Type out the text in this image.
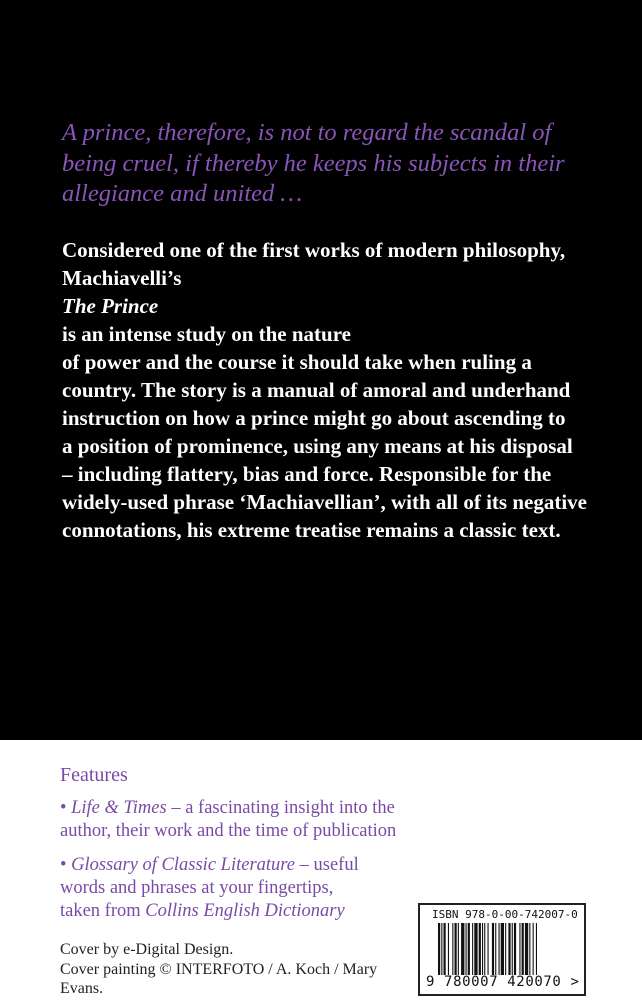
A prince, therefore, is not to regard the scandal of
being cruel, if thereby he keeps his subjects in their
allegiance and united …

Considered one of the first works of modern philosophy,
Machiavelli’s
The Prince
is an intense study on the nature
of power and the course it should take when ruling a
country. The story is a manual of amoral and underhand
instruction on how a prince might go about ascending to
a position of prominence, using any means at his disposal
– including flattery, bias and force. Responsible for the
widely-used phrase ‘Machiavellian’, with all of its negative
connotations, his extreme treatise remains a classic text.

Features
• Life & Times – a fascinating insight into the
author, their work and the time of publication
• Glossary of Classic Literature – useful
words and phrases at your fingertips,
taken from Collins English Dictionary
Cover by e-Digital Design.
Cover painting © INTERFOTO / A. Koch / Mary
Evans.
ISBN 978-0-00-742007-0
9 780007 420070 >
